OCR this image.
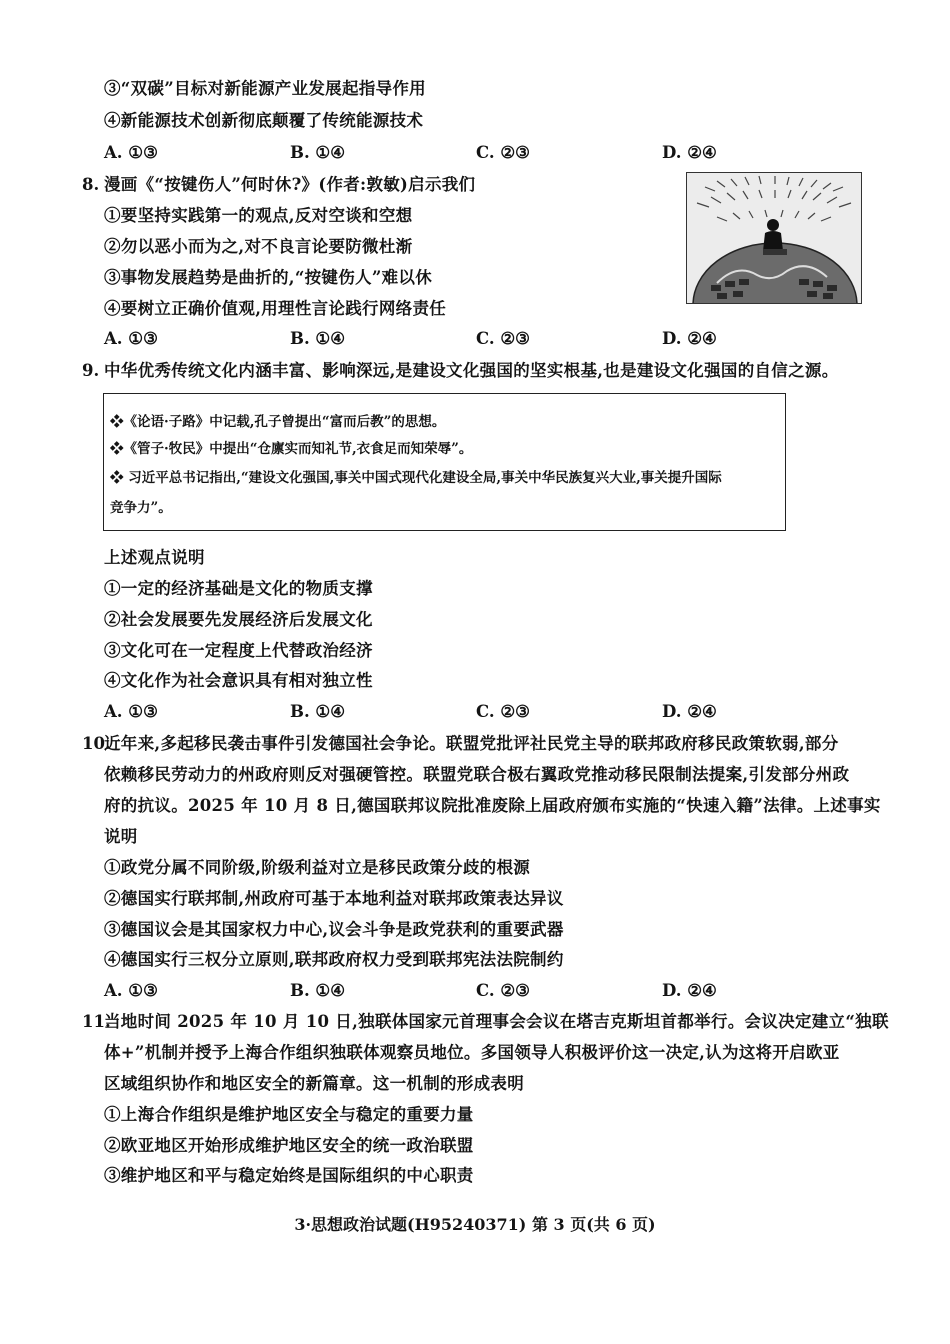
③“双碳”目标对新能源产业发展起指导作用
④新能源技术创新彻底颠覆了传统能源技术
A. ①③	B. ①④	C. ②③	D. ②④
8. 漫画《“按键伤人”何时休?》(作者:敦敏)启示我们
①要坚持实践第一的观点,反对空谈和空想
②勿以恶小而为之,对不良言论要防微杜渐
③事物发展趋势是曲折的,“按键伤人”难以休
④要树立正确价值观,用理性言论践行网络责任
A. ①③	B. ①④	C. ②③	D. ②④
9. 中华优秀传统文化内涵丰富、影响深远,是建设文化强国的坚实根基,也是建设文化强国的自信之源。
❖《论语·子路》中记载,孔子曾提出“富而后教”的思想。
❖《管子·牧民》中提出“仓廪实而知礼节,衣食足而知荣辱”。
❖ 习近平总书记指出,“建设文化强国,事关中国式现代化建设全局,事关中华民族复兴大业,事关提升国际
竞争力”。
上述观点说明
①一定的经济基础是文化的物质支撑
②社会发展要先发展经济后发展文化
③文化可在一定程度上代替政治经济
④文化作为社会意识具有相对独立性
A. ①③	B. ①④	C. ②③	D. ②④
10.
近年来,多起移民袭击事件引发德国社会争论。联盟党批评社民党主导的联邦政府移民政策软弱,部分
依赖移民劳动力的州政府则反对强硬管控。联盟党联合极右翼政党推动移民限制法提案,引发部分州政
府的抗议。2025 年 10 月 8 日,德国联邦议院批准废除上届政府颁布实施的“快速入籍”法律。上述事实
说明
①政党分属不同阶级,阶级利益对立是移民政策分歧的根源
②德国实行联邦制,州政府可基于本地利益对联邦政策表达异议
③德国议会是其国家权力中心,议会斗争是政党获利的重要武器
④德国实行三权分立原则,联邦政府权力受到联邦宪法法院制约
A. ①③	B. ①④	C. ②③	D. ②④
11.
当地时间 2025 年 10 月 10 日,独联体国家元首理事会会议在塔吉克斯坦首都举行。会议决定建立“独联
体+”机制并授予上海合作组织独联体观察员地位。多国领导人积极评价这一决定,认为这将开启欧亚
区域组织协作和地区安全的新篇章。这一机制的形成表明
①上海合作组织是维护地区安全与稳定的重要力量
②欧亚地区开始形成维护地区安全的统一政治联盟
③维护地区和平与稳定始终是国际组织的中心职责
3·思想政治试题(H95240371) 第 3 页(共 6 页)
